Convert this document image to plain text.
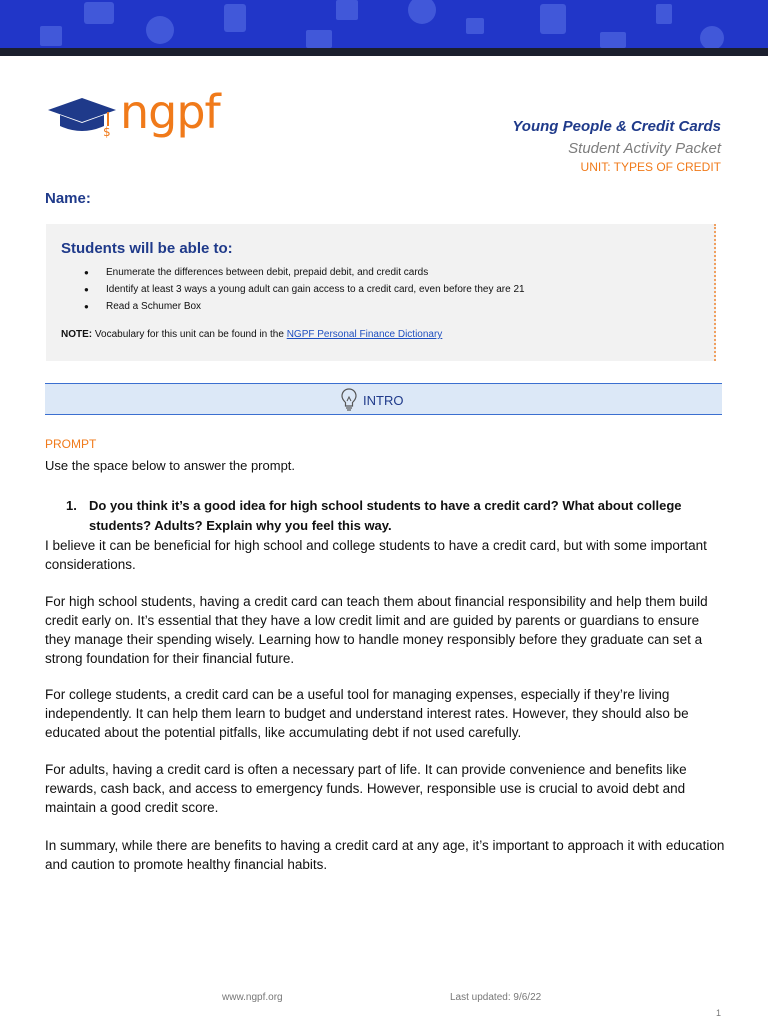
$ ngpf	Young People & Credit Cards
Student Activity Packet
UNIT: TYPES OF CREDIT
Name:
Students will be able to:
● Enumerate the differences between debit, prepaid debit, and credit cards
● Identify at least 3 ways a young adult can gain access to a credit card, even before they are 21
● Read a Schumer Box
NOTE: Vocabulary for this unit can be found in the NGPF Personal Finance Dictionary
INTRO
PROMPT
Use the space below to answer the prompt.
1. Do you think it’s a good idea for high school students to have a credit card? What about college students? Adults? Explain why you feel this way.
I believe it can be beneficial for high school and college students to have a credit card, but with some important considerations.
For high school students, having a credit card can teach them about financial responsibility and help them build credit early on. It’s essential that they have a low credit limit and are guided by parents or guardians to ensure they manage their spending wisely. Learning how to handle money responsibly before they graduate can set a strong foundation for their financial future.
For college students, a credit card can be a useful tool for managing expenses, especially if they’re living independently. It can help them learn to budget and understand interest rates. However, they should also be educated about the potential pitfalls, like accumulating debt if not used carefully.
For adults, having a credit card is often a necessary part of life. It can provide convenience and benefits like rewards, cash back, and access to emergency funds. However, responsible use is crucial to avoid debt and maintain a good credit score.
In summary, while there are benefits to having a credit card at any age, it’s important to approach it with education and caution to promote healthy financial habits.
www.ngpf.org	Last updated: 9/6/22
1
